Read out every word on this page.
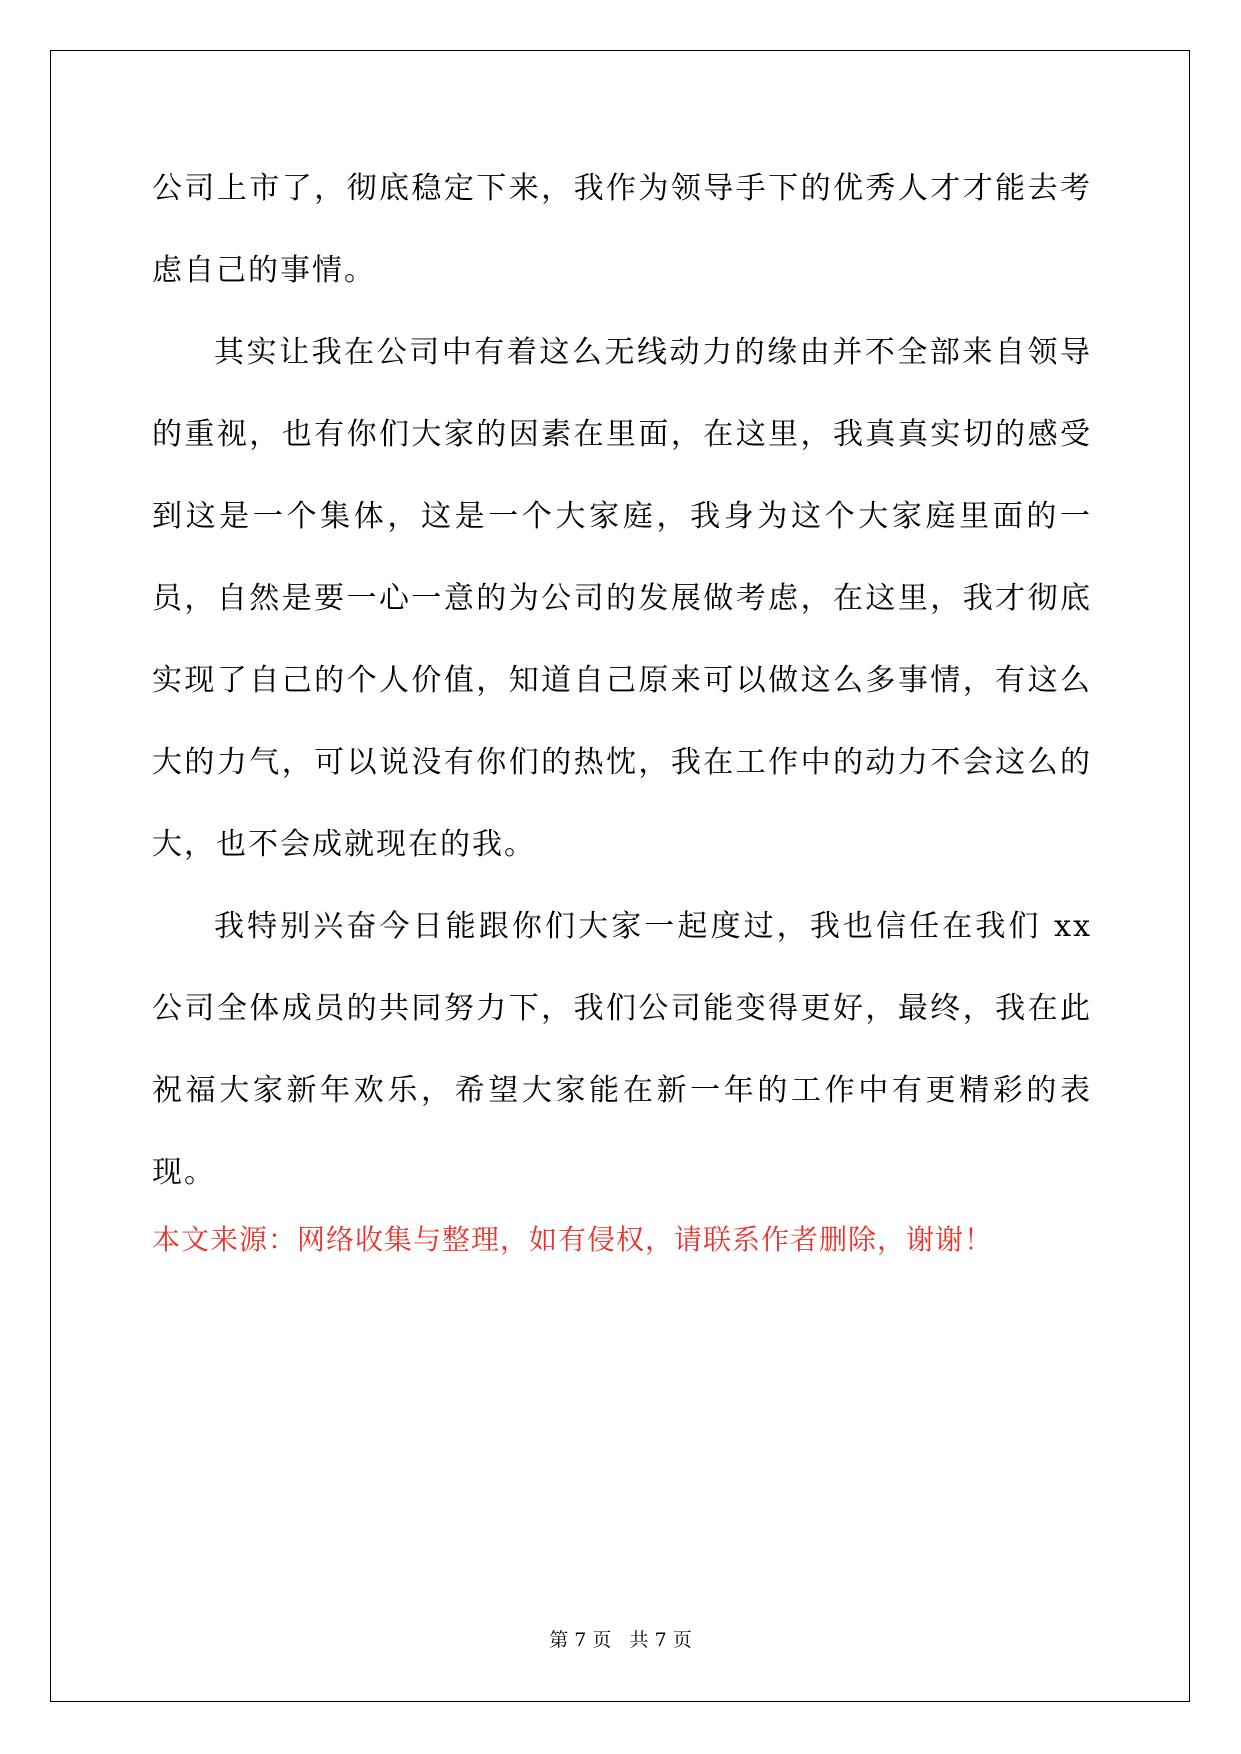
公司上市了，彻底稳定下来，我作为领导手下的优秀人才才能去考虑自己的事情。

其实让我在公司中有着这么无线动力的缘由并不全部来自领导的重视，也有你们大家的因素在里面，在这里，我真真实切的感受到这是一个集体，这是一个大家庭，我身为这个大家庭里面的一员，自然是要一心一意的为公司的发展做考虑，在这里，我才彻底实现了自己的个人价值，知道自己原来可以做这么多事情，有这么大的力气，可以说没有你们的热忱，我在工作中的动力不会这么的大，也不会成就现在的我。

我特别兴奋今日能跟你们大家一起度过，我也信任在我们 xx 公司全体成员的共同努力下，我们公司能变得更好，最终，我在此祝福大家新年欢乐，希望大家能在新一年的工作中有更精彩的表现。

本文来源：网络收集与整理，如有侵权，请联系作者删除，谢谢！

第 7 页   共 7 页
